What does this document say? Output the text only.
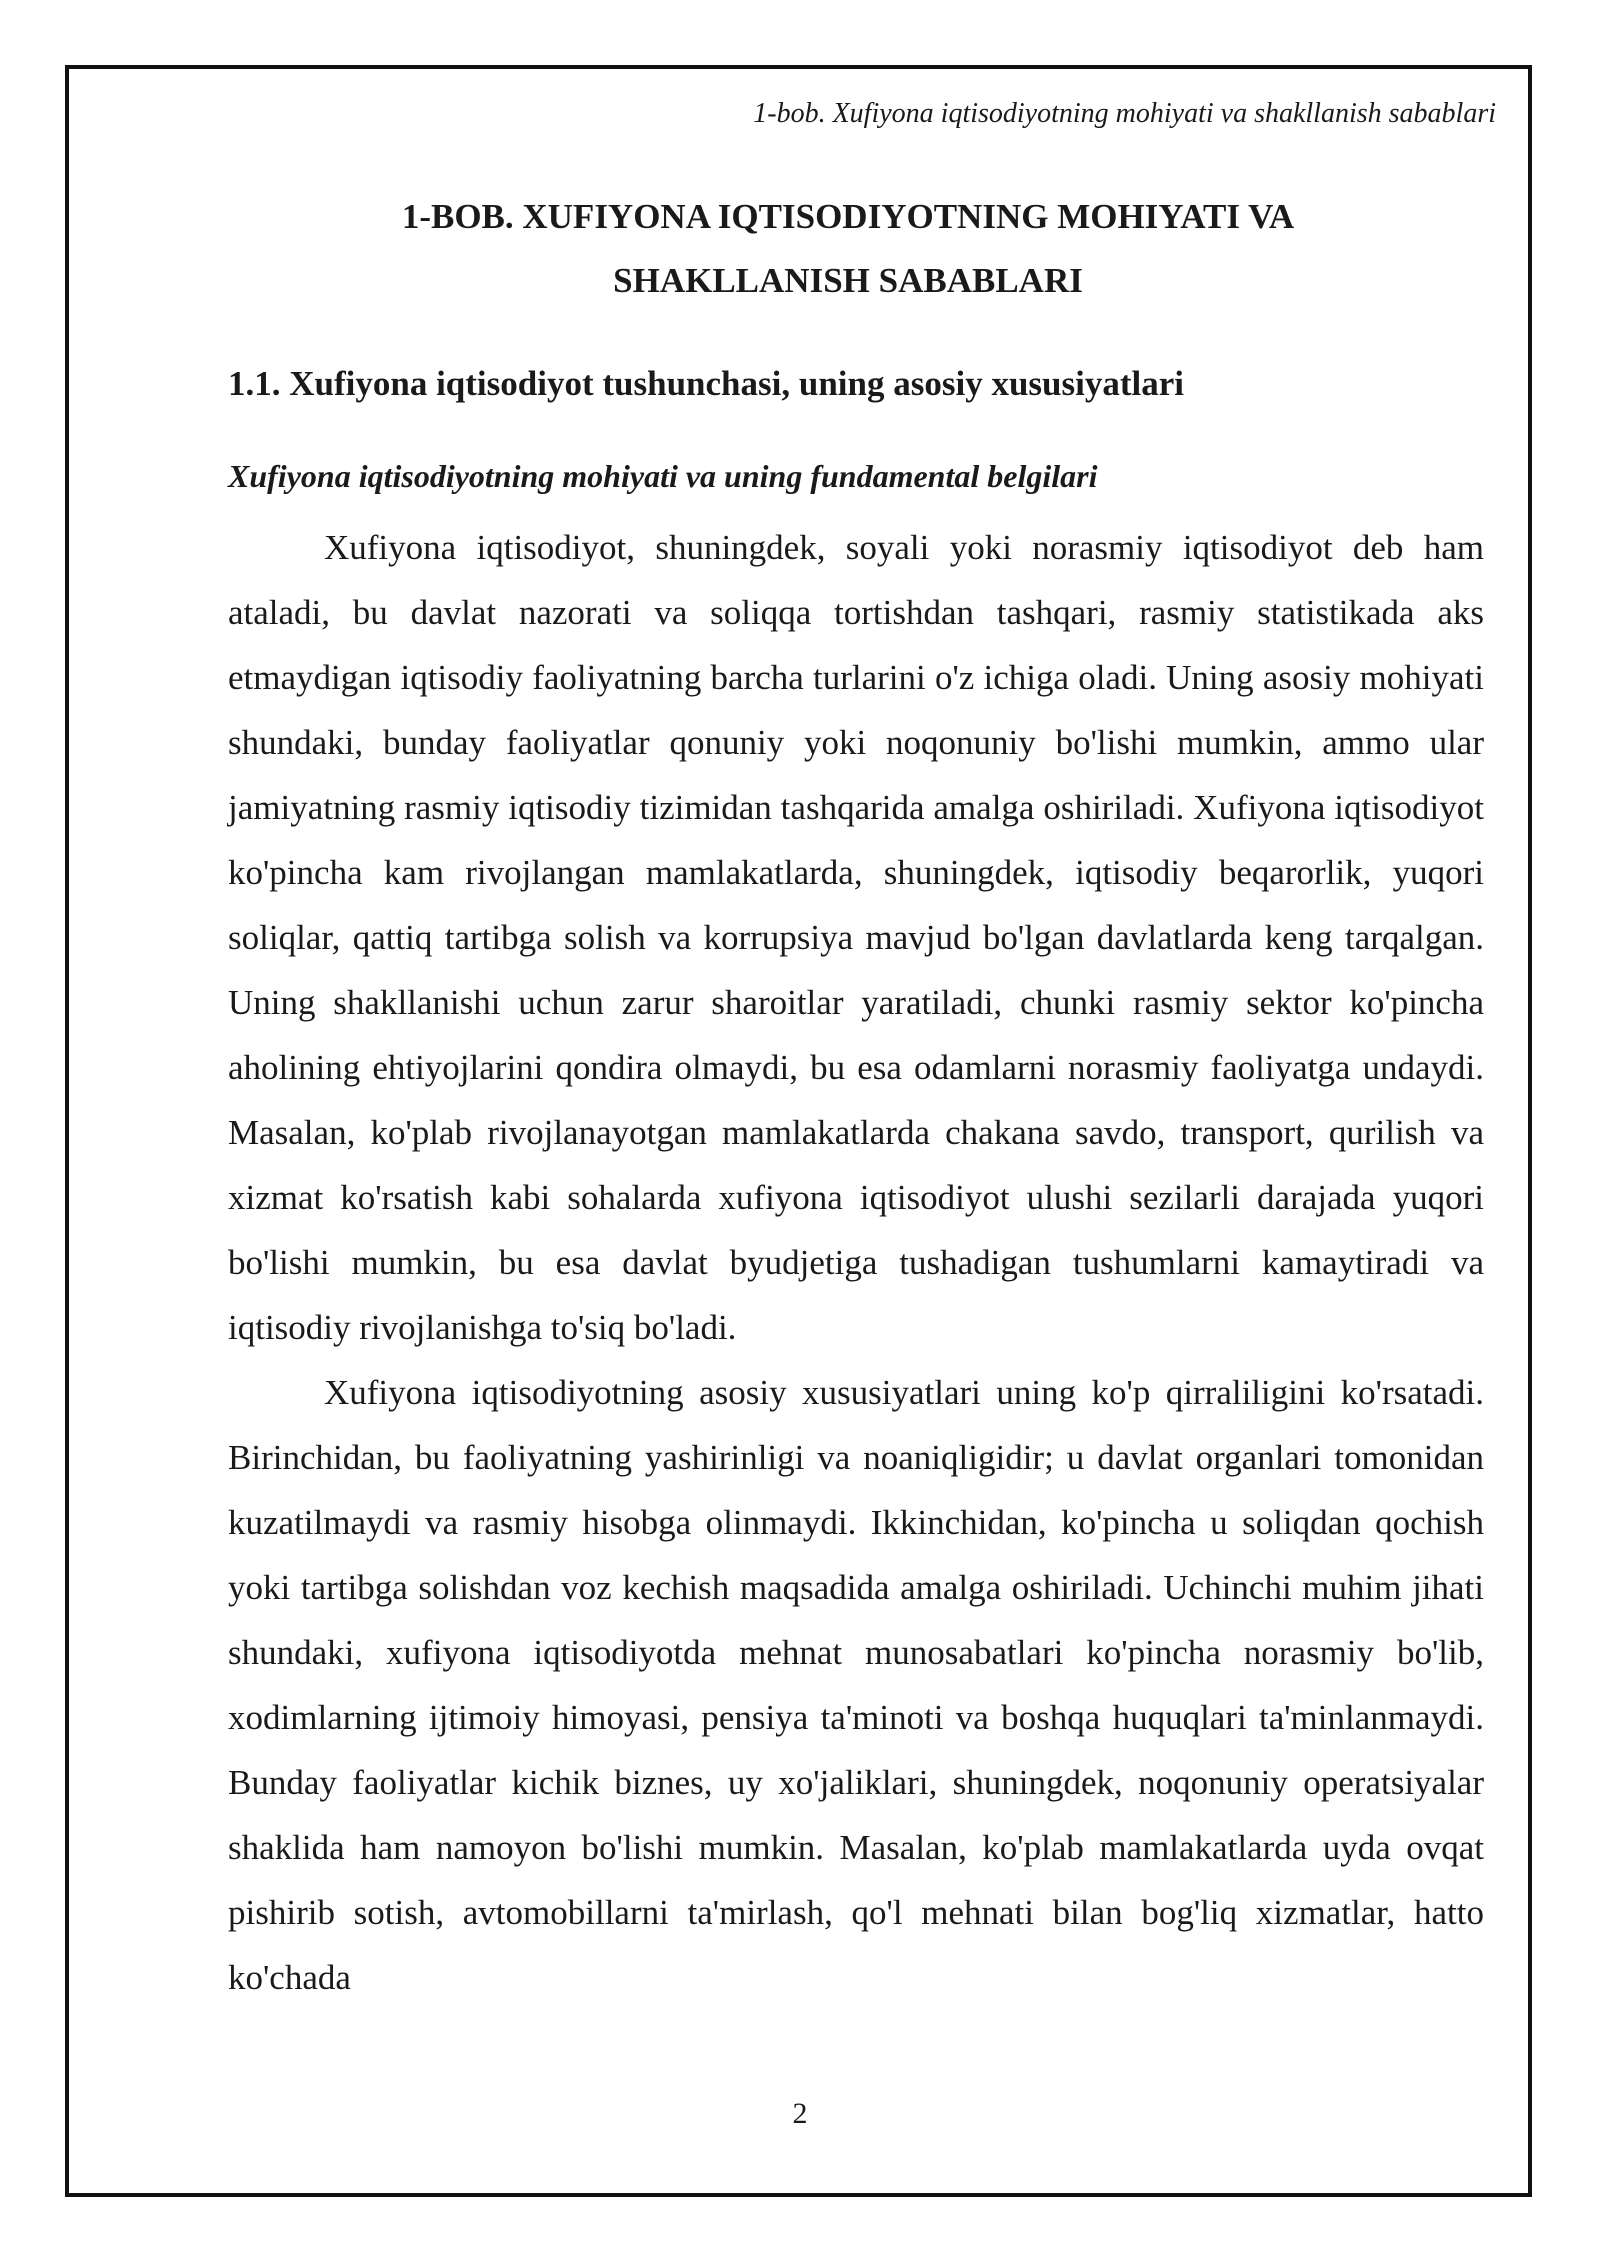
1-bob. Xufiyona iqtisodiyotning mohiyati va shakllanish sabablari
1-BOB. XUFIYONA IQTISODIYOTNING MOHIYATI VA
SHAKLLANISH SABABLARI
1.1. Xufiyona iqtisodiyot tushunchasi, uning asosiy xususiyatlari
Xufiyona iqtisodiyotning mohiyati va uning fundamental belgilari

Xufiyona iqtisodiyot, shuningdek, soyali yoki norasmiy iqtisodiyot deb ham ataladi, bu davlat nazorati va soliqqa tortishdan tashqari, rasmiy statistikada aks etmaydigan iqtisodiy faoliyatning barcha turlarini o'z ichiga oladi. Uning asosiy mohiyati shundaki, bunday faoliyatlar qonuniy yoki noqonuniy bo'lishi mumkin, ammo ular jamiyatning rasmiy iqtisodiy tizimidan tashqarida amalga oshiriladi. Xufiyona iqtisodiyot ko'pincha kam rivojlangan mamlakatlarda, shuningdek, iqtisodiy beqarorlik, yuqori soliqlar, qattiq tartibga solish va korrupsiya mavjud bo'lgan davlatlarda keng tarqalgan. Uning shakllanishi uchun zarur sharoitlar yaratiladi, chunki rasmiy sektor ko'pincha aholining ehtiyojlarini qondira olmaydi, bu esa odamlarni norasmiy faoliyatga undaydi. Masalan, ko'plab rivojlanayotgan mamlakatlarda chakana savdo, transport, qurilish va xizmat ko'rsatish kabi sohalarda xufiyona iqtisodiyot ulushi sezilarli darajada yuqori bo'lishi mumkin, bu esa davlat byudjetiga tushadigan tushumlarni kamaytiradi va iqtisodiy rivojlanishga to'siq bo'ladi.

Xufiyona iqtisodiyotning asosiy xususiyatlari uning ko'p qirraliligini ko'rsatadi. Birinchidan, bu faoliyatning yashirinligi va noaniqligidir; u davlat organlari tomonidan kuzatilmaydi va rasmiy hisobga olinmaydi. Ikkinchidan, ko'pincha u soliqdan qochish yoki tartibga solishdan voz kechish maqsadida amalga oshiriladi. Uchinchi muhim jihati shundaki, xufiyona iqtisodiyotda mehnat munosabatlari ko'pincha norasmiy bo'lib, xodimlarning ijtimoiy himoyasi, pensiya ta'minoti va boshqa huquqlari ta'minlanmaydi. Bunday faoliyatlar kichik biznes, uy xo'jaliklari, shuningdek, noqonuniy operatsiyalar shaklida ham namoyon bo'lishi mumkin. Masalan, ko'plab mamlakatlarda uyda ovqat pishirib sotish, avtomobillarni ta'mirlash, qo'l mehnati bilan bog'liq xizmatlar, hatto ko'chada

2
